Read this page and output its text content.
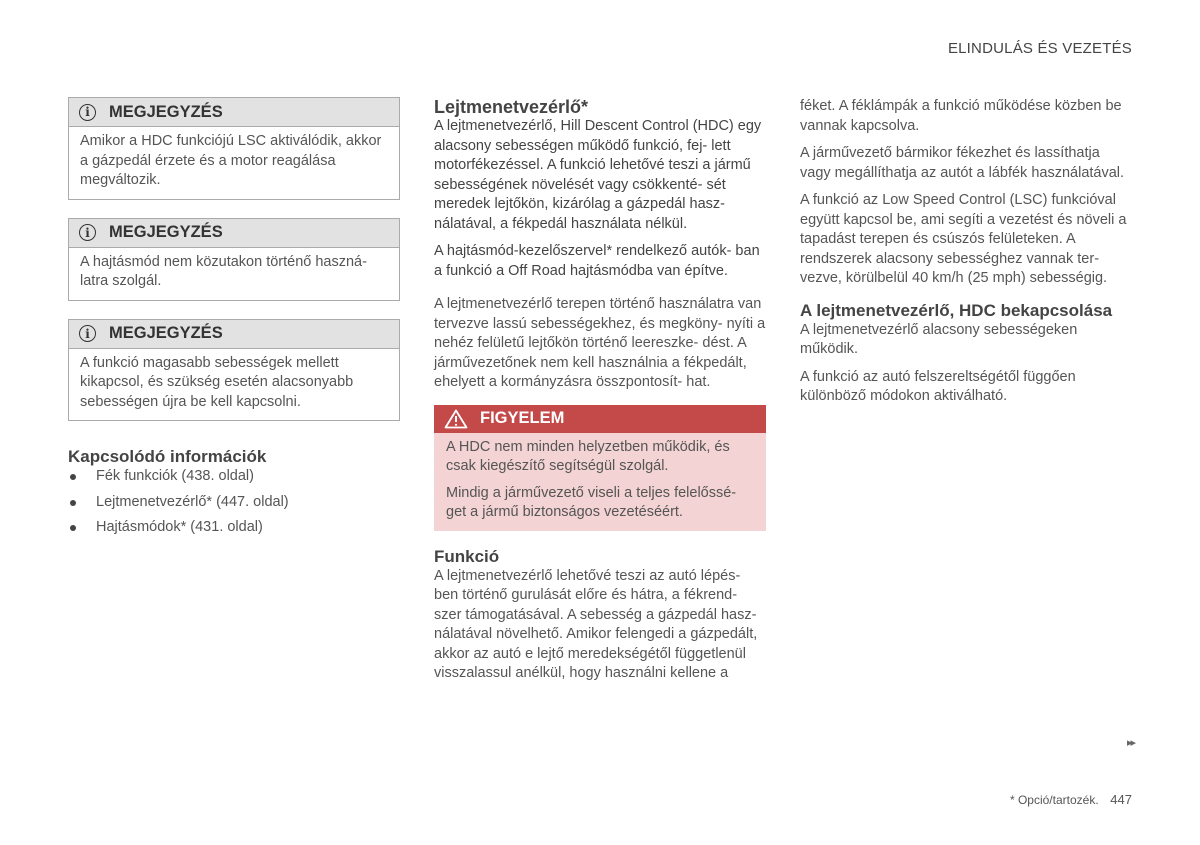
ELINDULÁS ÉS VEZETÉS
i	MEGJEGYZÉS
Amikor a HDC funkciójú LSC aktiválódik, akkor a gázpedál érzete és a motor reagálása megváltozik.
i	MEGJEGYZÉS
A hajtásmód nem közutakon történő haszná- latra szolgál.
i	MEGJEGYZÉS
A funkció magasabb sebességek mellett kikapcsol, és szükség esetén alacsonyabb sebességen újra be kell kapcsolni.
Kapcsolódó információk
Fék funkciók (438. oldal)
Lejtmenetvezérlő* (447. oldal)
Hajtásmódok* (431. oldal)
Lejtmenetvezérlő*

A lejtmenetvezérlő, Hill Descent Control (HDC) egy alacsony sebességen működő funkció, fej- lett motorfékezéssel. A funkció lehetővé teszi a jármű sebességének növelését vagy csökkenté- sét meredek lejtőkön, kizárólag a gázpedál hasz- nálatával, a fékpedál használata nélkül.

A hajtásmód-kezelőszervel* rendelkező autók- ban a funkció a Off Road hajtásmódba van építve.

A lejtmenetvezérlő terepen történő használatra van tervezve lassú sebességekhez, és megköny- nyíti a nehéz felületű lejtőkön történő leereszke- dést. A járművezetőnek nem kell használnia a fékpedált, ehelyett a kormányzásra összpontosít- hat.

FIGYELEM

A HDC nem minden helyzetben működik, és csak kiegészítő segítségül szolgál.

Mindig a járművezető viseli a teljes felelőssé- get a jármű biztonságos vezetéséért.

Funkció

A lejtmenetvezérlő lehetővé teszi az autó lépés- ben történő gurulását előre és hátra, a fékrend- szer támogatásával. A sebesség a gázpedál hasz- nálatával növelhető. Amikor felengedi a gázpedált, akkor az autó e lejtő meredekségétől függetlenül visszalassul anélkül, hogy használni kellene a

féket. A féklámpák a funkció működése közben be vannak kapcsolva.

A járművezető bármikor fékezhet és lassíthatja vagy megállíthatja az autót a lábfék használatával.

A funkció az Low Speed Control (LSC) funkcióval együtt kapcsol be, ami segíti a vezetést és növeli a tapadást terepen és csúszós felületeken. A rendszerek alacsony sebességhez vannak ter- vezve, körülbelül 40 km/h (25 mph) sebességig.

A lejtmenetvezérlő, HDC bekapcsolása

A lejtmenetvezérlő alacsony sebességeken működik.

A funkció az autó felszereltségétől függően különböző módokon aktiválható.

▸▸
* Opció/tartozék. 447
